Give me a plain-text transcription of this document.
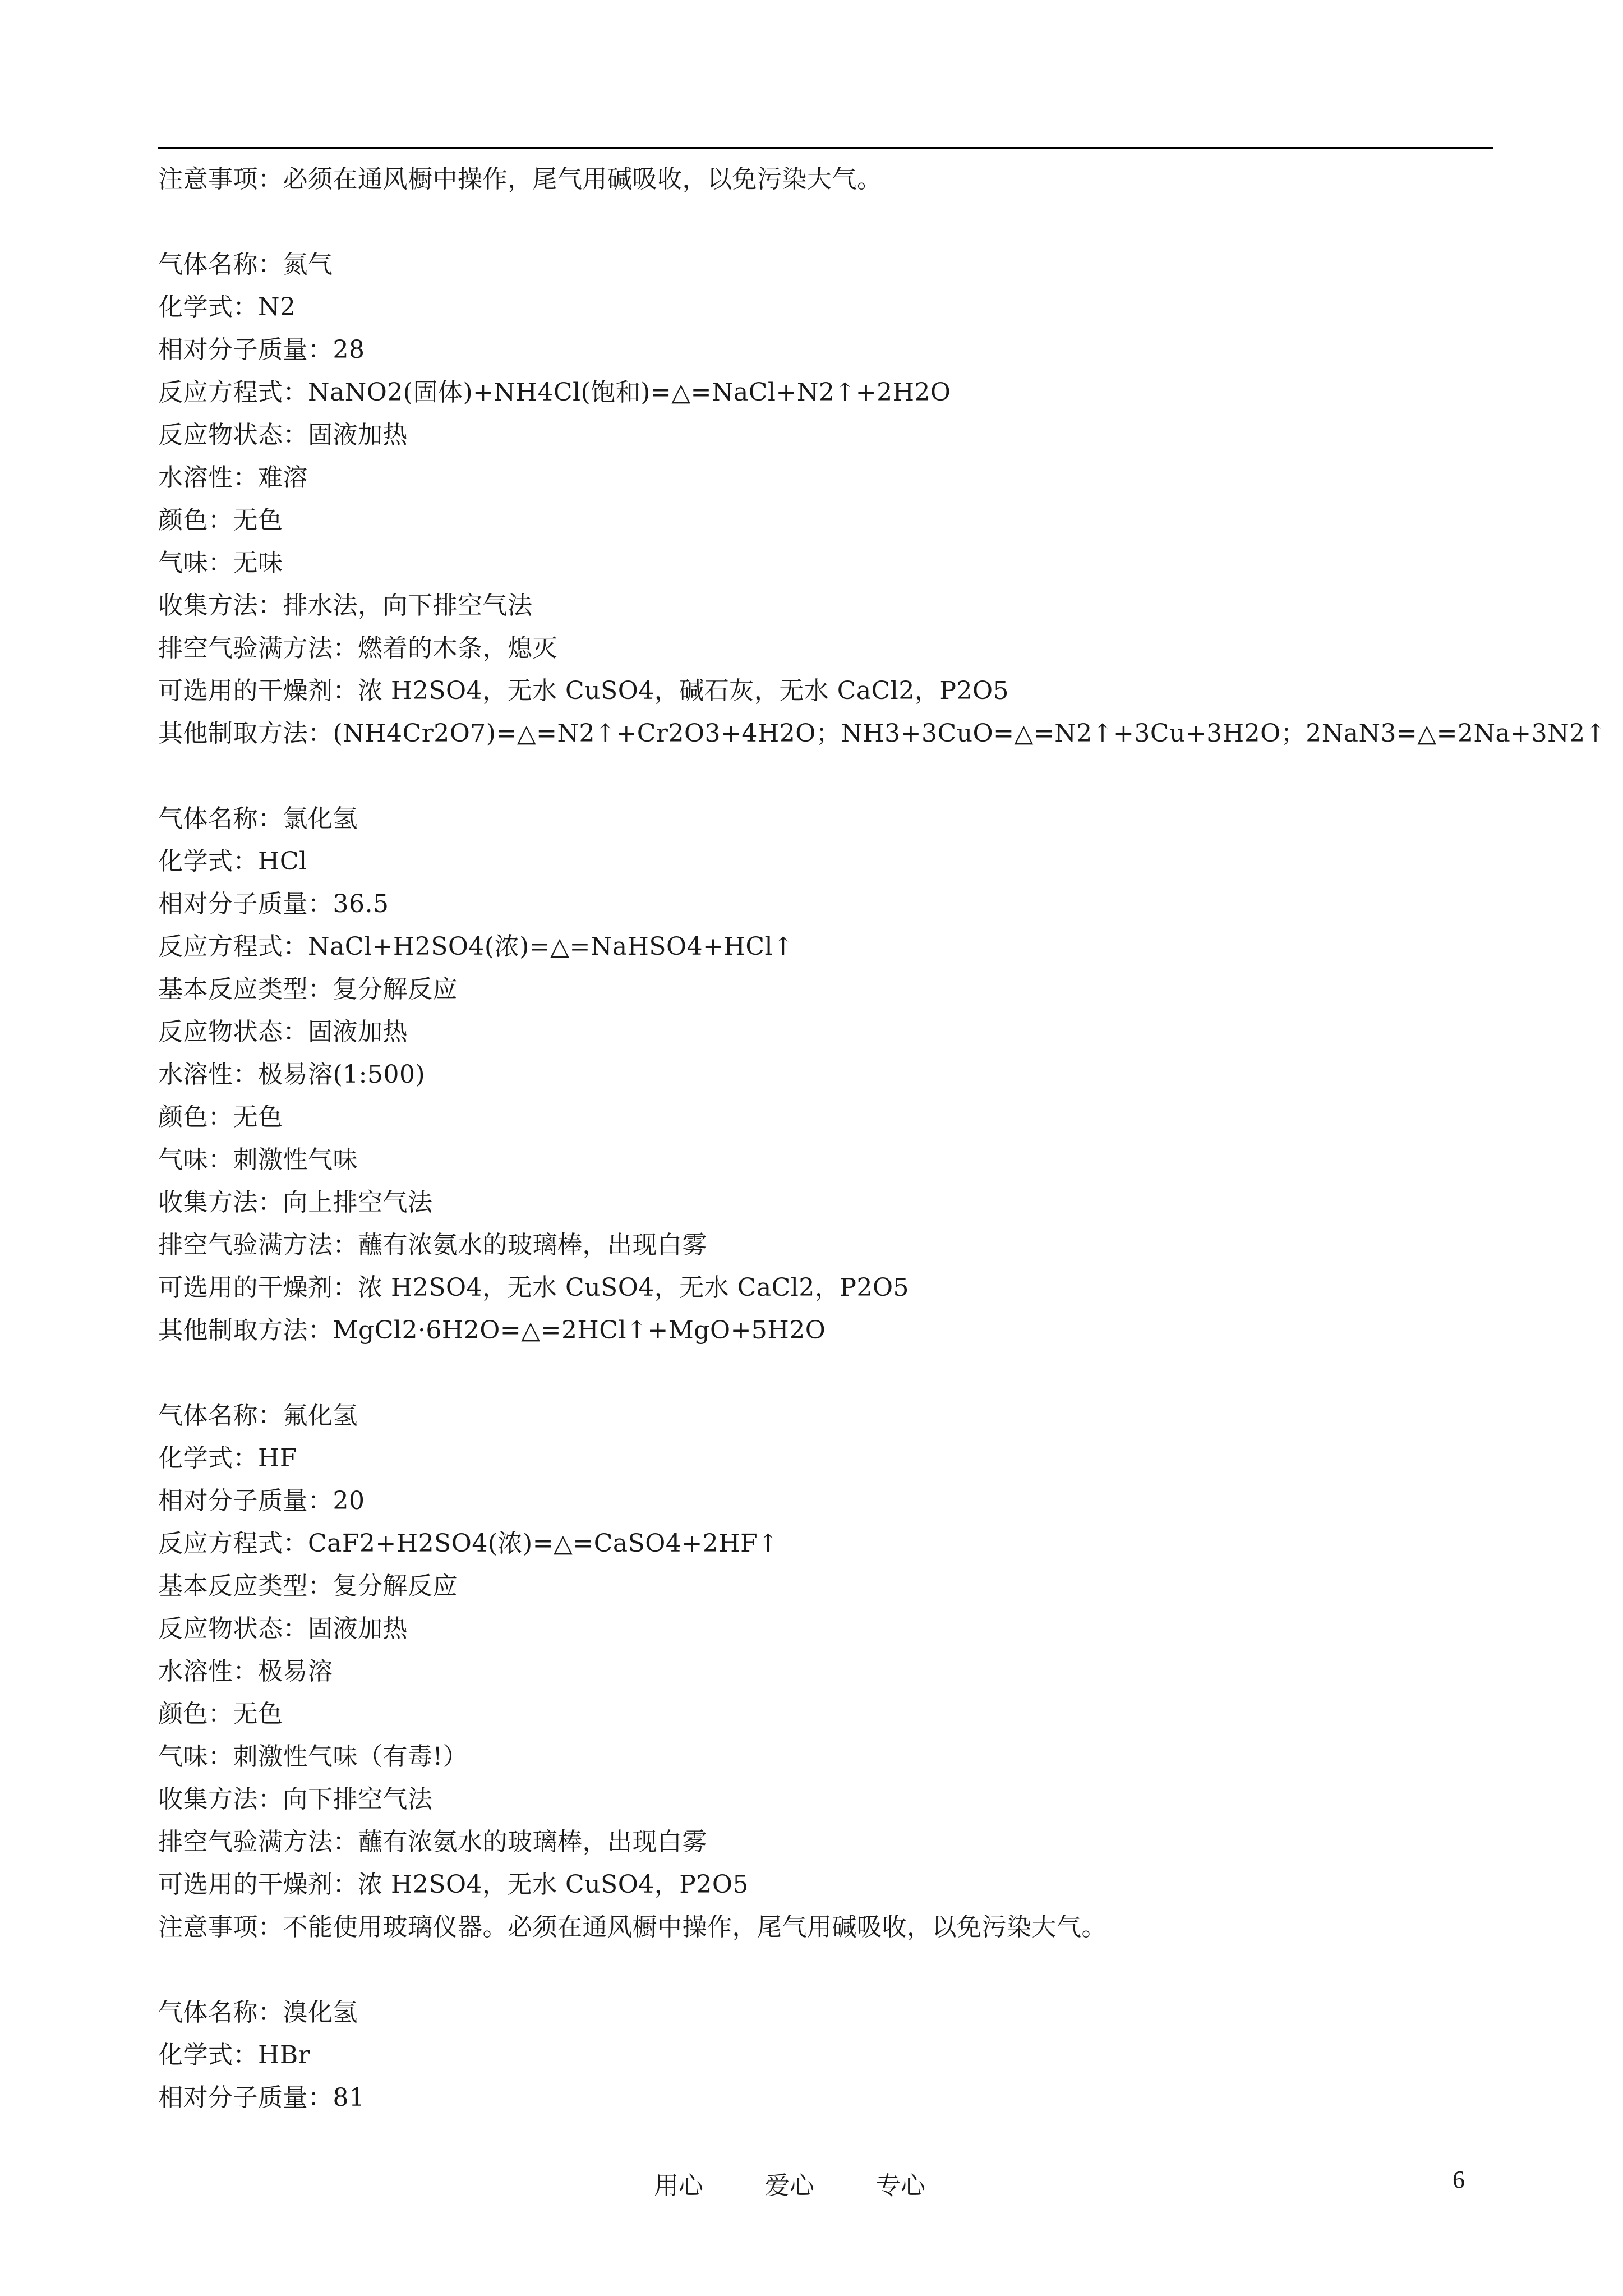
注意事项：必须在通风橱中操作，尾气用碱吸收，以免污染大气。
气体名称：氮气
化学式：N2
相对分子质量：28
反应方程式：NaNO2(固体)+NH4Cl(饱和)=△=NaCl+N2↑+2H2O
反应物状态：固液加热
水溶性：难溶
颜色：无色
气味：无味
收集方法：排水法，向下排空气法
排空气验满方法：燃着的木条，熄灭
可选用的干燥剂：浓 H2SO4，无水 CuSO4，碱石灰，无水 CaCl2，P2O5
其他制取方法：(NH4Cr2O7)=△=N2↑+Cr2O3+4H2O；NH3+3CuO=△=N2↑+3Cu+3H2O；2NaN3=△=2Na+3N2↑
气体名称：氯化氢
化学式：HCl
相对分子质量：36.5
反应方程式：NaCl+H2SO4(浓)=△=NaHSO4+HCl↑
基本反应类型：复分解反应
反应物状态：固液加热
水溶性：极易溶(1:500)
颜色：无色
气味：刺激性气味
收集方法：向上排空气法
排空气验满方法：蘸有浓氨水的玻璃棒，出现白雾
可选用的干燥剂：浓 H2SO4，无水 CuSO4，无水 CaCl2，P2O5
其他制取方法：MgCl2·6H2O=△=2HCl↑+MgO+5H2O
气体名称：氟化氢
化学式：HF
相对分子质量：20
反应方程式：CaF2+H2SO4(浓)=△=CaSO4+2HF↑
基本反应类型：复分解反应
反应物状态：固液加热
水溶性：极易溶
颜色：无色
气味：刺激性气味（有毒!）
收集方法：向下排空气法
排空气验满方法：蘸有浓氨水的玻璃棒，出现白雾
可选用的干燥剂：浓 H2SO4，无水 CuSO4，P2O5
注意事项：不能使用玻璃仪器。必须在通风橱中操作，尾气用碱吸收，以免污染大气。
气体名称：溴化氢
化学式：HBr
相对分子质量：81
用心	爱心	专心	6
